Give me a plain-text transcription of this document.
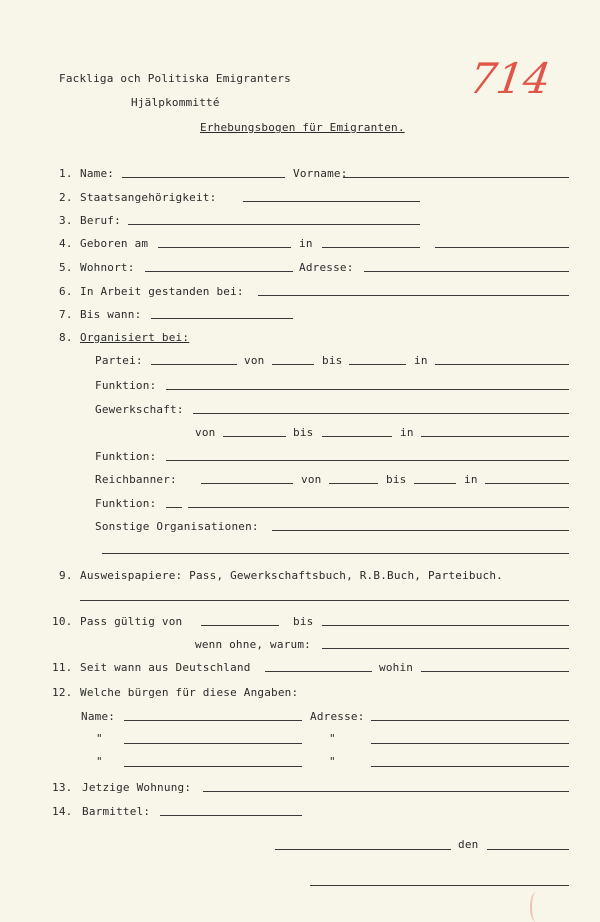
Fackliga och Politiska Emigranters
Hjälpkommitté
Erhebungsbogen für Emigranten.
714
1. Name:	Vorname:
2. Staatsangehörigkeit:
3. Beruf:
4. Geboren am	in
5. Wohnort:	Adresse:
6. In Arbeit gestanden bei:
7. Bis wann:
8. Organisiert bei:
Partei:	von	bis	in
Funktion:
Gewerkschaft:
von	bis	in
Funktion:
Reichbanner:	von	bis	in
Funktion:
Sonstige Organisationen:
9. Ausweispapiere: Pass, Gewerkschaftsbuch, R.B.Buch, Parteibuch.
10. Pass gültig von	bis
wenn ohne, warum:
11. Seit wann aus Deutschland	wohin
12. Welche bürgen für diese Angaben:
Name:	Adresse:
"	"
"	"
13. Jetzige Wohnung:
14. Barmittel:
den
